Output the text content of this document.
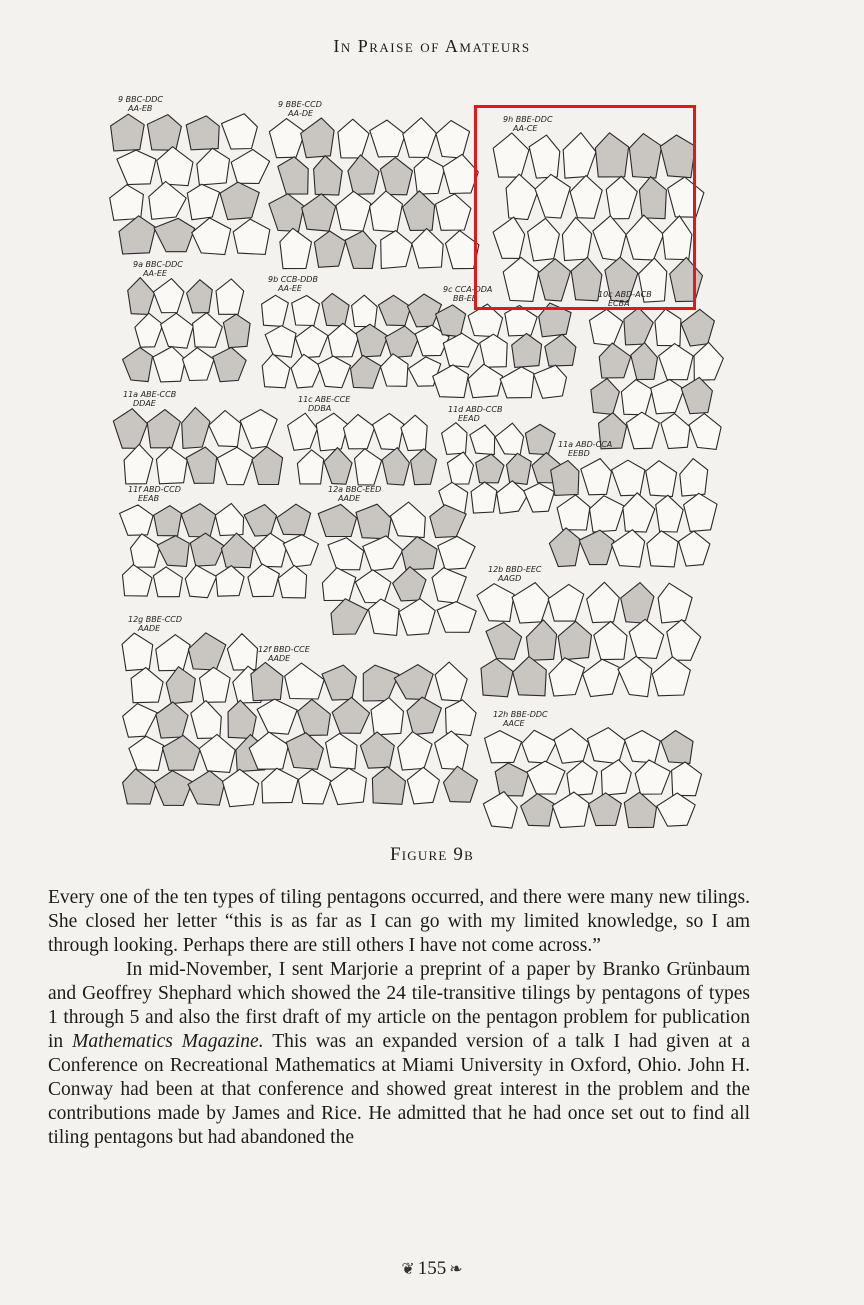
In Praise of Amateurs
9 BBC-DDC
AA-EB	9 BBE-CCD
AA-DE
9h BBE-DDC
AA-CE
9a BBC-DDC
AA-EE
9b CCB-DDB
AA-EE	9c CCA-DDA
BB-EE	10c ABD-ACB
ECBA
11a ABE-CCB
DDAE	11c ABE-CCE
DDBA	11d ABD-CCB
EEAD
11a ABD-CCA
EEBD
11f ABD-CCD
EEAB
12a BBC-EED
AADE
12b BBD-EEC
AAGD
12g BBE-CCD
AADE
12f BBD-CCE
AADE
12h BBE-DDC
AACE
Figure 9b

Every one of the ten types of tiling pentagons occurred, and there were many new tilings. She closed her letter “this is as far as I can go with my limited knowledge, so I am through looking. Perhaps there are still others I have not come across.”

In mid-November, I sent Marjorie a preprint of a paper by Branko Grünbaum and Geoffrey Shephard which showed the 24 tile-transitive tilings by pentagons of types 1 through 5 and also the first draft of my article on the pentagon problem for publication in Mathematics Magazine. This was an expanded version of a talk I had given at a Conference on Recreational Mathematics at Miami University in Oxford, Ohio. John H. Conway had been at that conference and showed great interest in the problem and the contributions made by James and Rice. He admitted that he had once set out to find all tiling pentagons but had abandoned the

❦ 155 ❧
